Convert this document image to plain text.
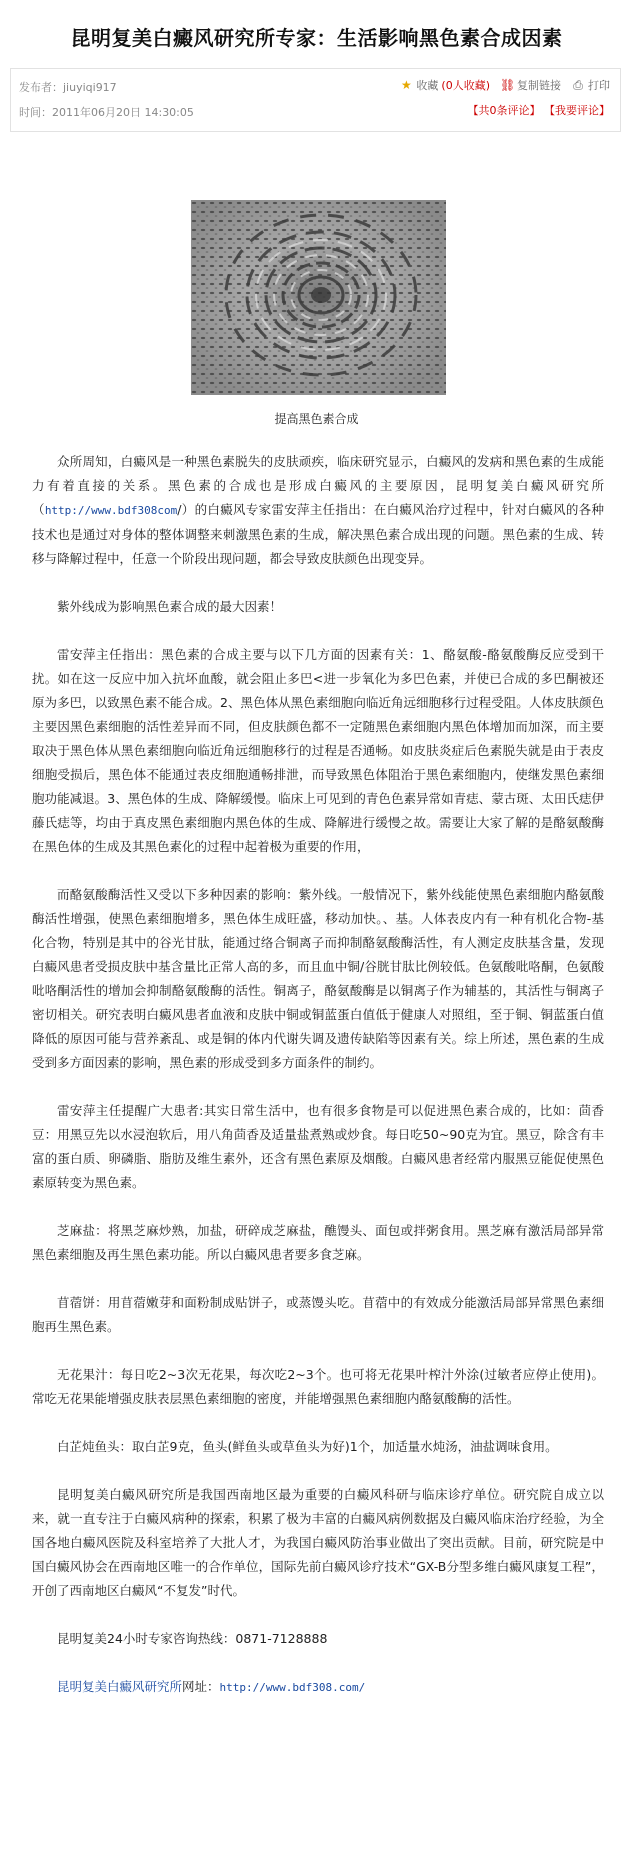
昆明复美白癜风研究所专家：生活影响黑色素合成因素
发布者：jiuyiqi917
时间：2011年06月20日 14:30:05
★ 收藏 (0人收藏) ⛓ 复制链接 ⎙ 打印
【共0条评论】 【我要评论】
提高黑色素合成

众所周知，白癜风是一种黑色素脱失的皮肤顽疾，临床研究显示，白癜风的发病和黑色素的生成能力有着直接的关系。黑色素的合成也是形成白癜风的主要原因，昆明复美白癜风研究所（http://www.bdf308com/）的白癜风专家雷安萍主任指出：在白癜风治疗过程中，针对白癜风的各种技术也是通过对身体的整体调整来刺激黑色素的生成，解决黑色素合成出现的问题。黑色素的生成、转移与降解过程中，任意一个阶段出现问题，都会导致皮肤颜色出现变异。

紫外线成为影响黑色素合成的最大因素！

雷安萍主任指出：黑色素的合成主要与以下几方面的因素有关：1、酪氨酸-酪氨酸酶反应受到干扰。如在这一反应中加入抗坏血酸，就会阻止多巴<进一步氧化为多巴色素，并使已合成的多巴酮被还原为多巴，以致黑色素不能合成。2、黑色体从黑色素细胞向临近角远细胞移行过程受阻。人体皮肤颜色主要因黑色素细胞的活性差异而不同，但皮肤颜色都不一定随黑色素细胞内黑色体增加而加深，而主要取决于黑色体从黑色素细胞向临近角远细胞移行的过程是否通畅。如皮肤炎症后色素脱失就是由于表皮细胞受损后，黑色体不能通过表皮细胞通畅排泄，而导致黑色体阻治于黑色素细胞内，使继发黑色素细胞功能减退。3、黑色体的生成、降解缓慢。临床上可见到的青色色素异常如青痣、蒙古斑、太田氏痣伊藤氏痣等，均由于真皮黑色素细胞内黑色体的生成、降解进行缓慢之故。需要让大家了解的是酪氨酸酶在黑色体的生成及其黑色素化的过程中起着极为重要的作用，

而酪氨酸酶活性又受以下多种因素的影响：紫外线。一般情况下，紫外线能使黑色素细胞内酪氨酸酶活性增强，使黑色素细胞增多，黑色体生成旺盛，移动加快。、基。人体表皮内有一种有机化合物-基化合物，特别是其中的谷光甘肽，能通过络合铜离子而抑制酪氨酸酶活性，有人测定皮肤基含量，发现白癜风患者受损皮肤中基含量比正常人高的多，而且血中铜/谷胱甘肽比例较低。色氨酸吡咯酮，色氨酸吡咯酮活性的增加会抑制酪氨酸酶的活性。铜离子，酪氨酸酶是以铜离子作为辅基的，其活性与铜离子密切相关。研究表明白癜风患者血液和皮肤中铜或铜蓝蛋白值低于健康人对照组，至于铜、铜蓝蛋白值降低的原因可能与营养紊乱、或是铜的体内代谢失调及遗传缺陷等因素有关。综上所述，黑色素的生成受到多方面因素的影响，黑色素的形成受到多方面条件的制约。

雷安萍主任提醒广大患者:其实日常生活中，也有很多食物是可以促进黑色素合成的，比如：茴香豆：用黑豆先以水浸泡软后，用八角茴香及适量盐煮熟或炒食。每日吃50~90克为宜。黑豆，除含有丰富的蛋白质、卵磷脂、脂肪及维生素外，还含有黑色素原及烟酸。白癜风患者经常内服黑豆能促使黑色素原转变为黑色素。

芝麻盐：将黑芝麻炒熟，加盐，研碎成芝麻盐，醮馒头、面包或拌粥食用。黑芝麻有激活局部异常黑色素细胞及再生黑色素功能。所以白癜风患者要多食芝麻。

苜蓿饼：用苜蓿嫩芽和面粉制成贴饼子，或蒸馒头吃。苜蓿中的有效成分能激活局部异常黑色素细胞再生黑色素。

无花果汁：每日吃2~3次无花果，每次吃2~3个。也可将无花果叶榨汁外涂(过敏者应停止使用)。常吃无花果能增强皮肤表层黑色素细胞的密度，并能增强黑色素细胞内酪氨酸酶的活性。

白芷炖鱼头：取白芷9克，鱼头(鲜鱼头或草鱼头为好)1个，加适量水炖汤，油盐调味食用。

昆明复美白癜风研究所是我国西南地区最为重要的白癜风科研与临床诊疗单位。研究院自成立以来，就一直专注于白癜风病种的探索，积累了极为丰富的白癜风病例数据及白癜风临床治疗经验，为全国各地白癜风医院及科室培养了大批人才，为我国白癜风防治事业做出了突出贡献。目前，研究院是中国白癜风协会在西南地区唯一的合作单位，国际先前白癜风诊疗技术“GX-B分型多维白癜风康复工程”，开创了西南地区白癜风“不复发”时代。

昆明复美24小时专家咨询热线：0871-7128888

昆明复美白癜风研究所网址：http://www.bdf308.com/
